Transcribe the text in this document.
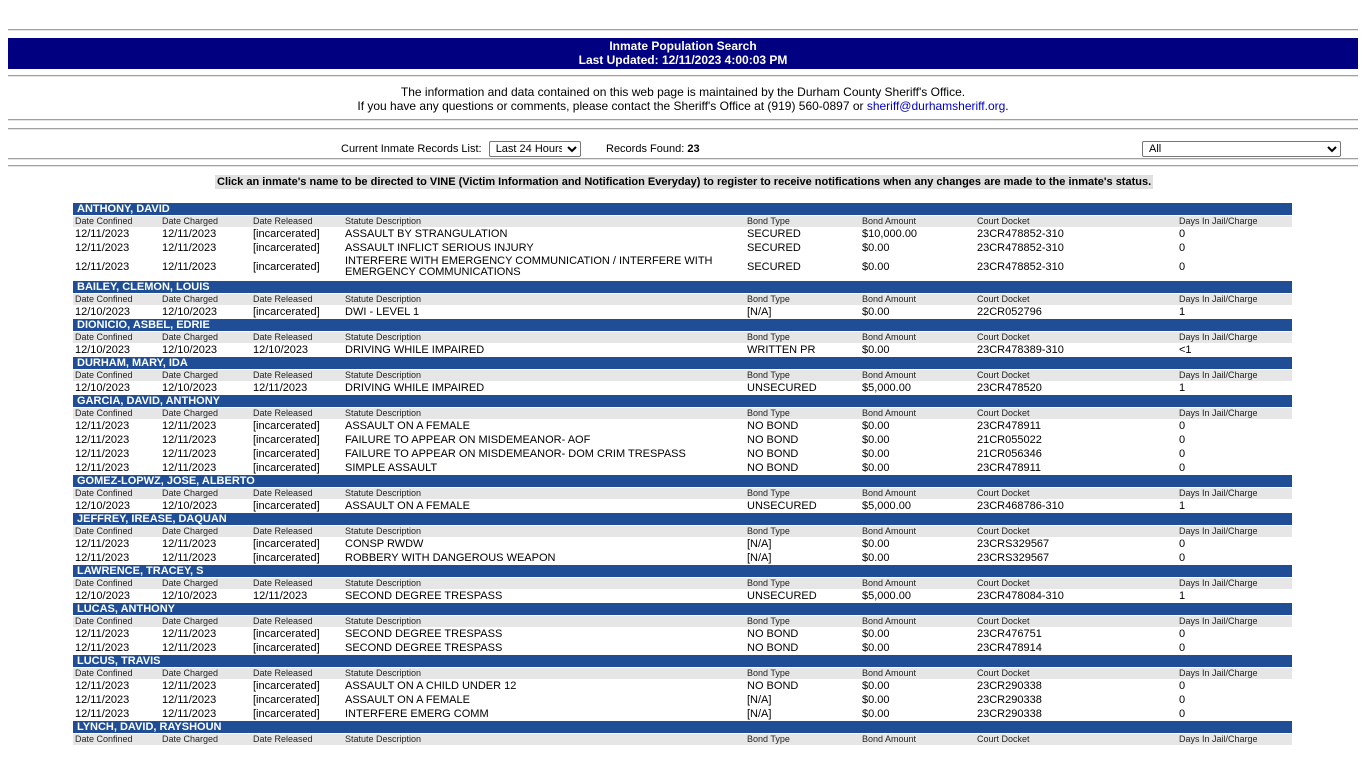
Inmate Population Search
Last Updated: 12/11/2023 4:00:03 PM
The information and data contained on this web page is maintained by the Durham County Sheriff's Office.
If you have any questions or comments, please contact the Sheriff's Office at (919) 560-0897 or sheriff@durhamsheriff.org.
Current Inmate Records List:
Last 24 Hours	Records Found: 23
All
Click an inmate's name to be directed to VINE (Victim Information and Notification Everyday) to register to receive notifications when any changes are made to the inmate's status.
ANTHONY, DAVID
Date Confined	Date Charged	Date Released	Statute Description	Bond Type	Bond Amount	Court Docket	Days In Jail/Charge
12/11/2023	12/11/2023	[incarcerated] ASSAULT BY STRANGULATION	SECURED	$10,000.00	23CR478852-310	0
12/11/2023	12/11/2023	[incarcerated] ASSAULT INFLICT SERIOUS INJURY	SECURED	$0.00	23CR478852-310	0
12/11/2023	12/11/2023	[incarcerated] INTERFERE WITH EMERGENCY COMMUNICATION / INTERFERE WITH EMERGENCY COMMUNICATIONS	SECURED	$0.00	23CR478852-310	0
BAILEY, CLEMON, LOUIS
Date Confined	Date Charged	Date Released	Statute Description	Bond Type	Bond Amount	Court Docket	Days In Jail/Charge
12/10/2023	12/10/2023	[incarcerated] DWI - LEVEL 1	[N/A]	$0.00	22CR052796	1
DIONICIO, ASBEL, EDRIE
Date Confined	Date Charged	Date Released	Statute Description	Bond Type	Bond Amount	Court Docket	Days In Jail/Charge
12/10/2023	12/10/2023	12/10/2023	DRIVING WHILE IMPAIRED	WRITTEN PR	$0.00	23CR478389-310	<1
DURHAM, MARY, IDA
Date Confined	Date Charged	Date Released	Statute Description	Bond Type	Bond Amount	Court Docket	Days In Jail/Charge
12/10/2023	12/10/2023	12/11/2023	DRIVING WHILE IMPAIRED	UNSECURED	$5,000.00	23CR478520	1
GARCIA, DAVID, ANTHONY
Date Confined	Date Charged	Date Released	Statute Description	Bond Type	Bond Amount	Court Docket	Days In Jail/Charge
12/11/2023	12/11/2023	[incarcerated] ASSAULT ON A FEMALE	NO BOND	$0.00	23CR478911	0
12/11/2023	12/11/2023	[incarcerated] FAILURE TO APPEAR ON MISDEMEANOR- AOF	NO BOND	$0.00	21CR055022	0
12/11/2023	12/11/2023	[incarcerated] FAILURE TO APPEAR ON MISDEMEANOR- DOM CRIM TRESPASS	NO BOND	$0.00	21CR056346	0
12/11/2023	12/11/2023	[incarcerated] SIMPLE ASSAULT	NO BOND	$0.00	23CR478911	0
GOMEZ-LOPWZ, JOSE, ALBERTO
Date Confined	Date Charged	Date Released	Statute Description	Bond Type	Bond Amount	Court Docket	Days In Jail/Charge
12/10/2023	12/10/2023	[incarcerated] ASSAULT ON A FEMALE	UNSECURED	$5,000.00	23CR468786-310	1
JEFFREY, IREASE, DAQUAN
Date Confined	Date Charged	Date Released	Statute Description	Bond Type	Bond Amount	Court Docket	Days In Jail/Charge
12/11/2023	12/11/2023	[incarcerated] CONSP RWDW	[N/A]	$0.00	23CRS329567	0
12/11/2023	12/11/2023	[incarcerated] ROBBERY WITH DANGEROUS WEAPON	[N/A]	$0.00	23CRS329567	0
LAWRENCE, TRACEY, S
Date Confined	Date Charged	Date Released	Statute Description	Bond Type	Bond Amount	Court Docket	Days In Jail/Charge
12/10/2023	12/10/2023	12/11/2023	SECOND DEGREE TRESPASS	UNSECURED	$5,000.00	23CR478084-310	1
LUCAS, ANTHONY
Date Confined	Date Charged	Date Released	Statute Description	Bond Type	Bond Amount	Court Docket	Days In Jail/Charge
12/11/2023	12/11/2023	[incarcerated] SECOND DEGREE TRESPASS	NO BOND	$0.00	23CR476751	0
12/11/2023	12/11/2023	[incarcerated] SECOND DEGREE TRESPASS	NO BOND	$0.00	23CR478914	0
LUCUS, TRAVIS
Date Confined	Date Charged	Date Released	Statute Description	Bond Type	Bond Amount	Court Docket	Days In Jail/Charge
12/11/2023	12/11/2023	[incarcerated] ASSAULT ON A CHILD UNDER 12	NO BOND	$0.00	23CR290338	0
12/11/2023	12/11/2023	[incarcerated] ASSAULT ON A FEMALE	[N/A]	$0.00	23CR290338	0
12/11/2023	12/11/2023	[incarcerated] INTERFERE EMERG COMM	[N/A]	$0.00	23CR290338	0
LYNCH, DAVID, RAYSHOUN
Date Confined	Date Charged	Date Released	Statute Description	Bond Type	Bond Amount	Court Docket	Days In Jail/Charge
